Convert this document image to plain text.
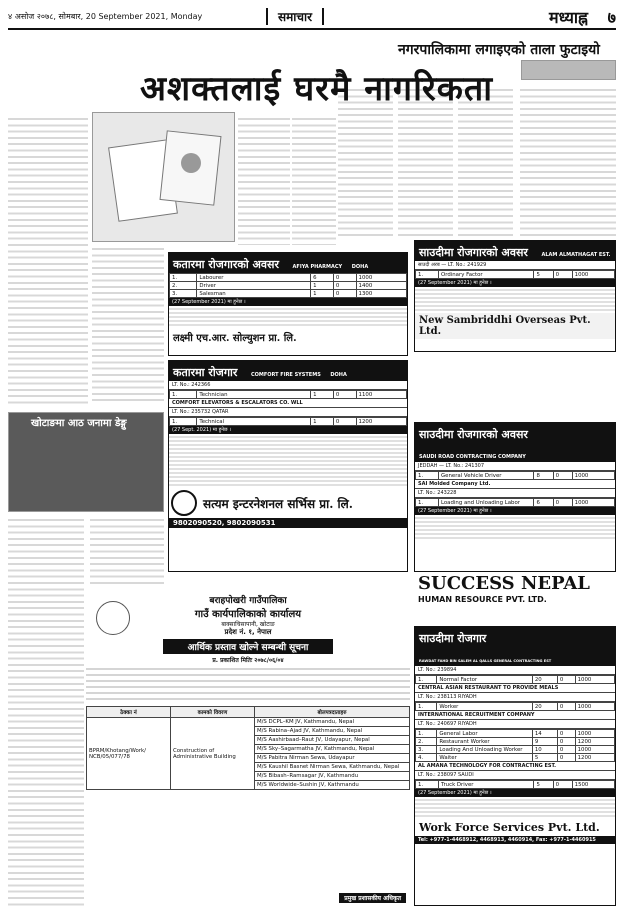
४ असोज २०७८, सोमबार, 20 September 2021, Monday	समाचार	मध्याह्न ७
नगरपालिकामा लगाइएको ताला फुटाइयो
अशक्तलाई घरमै नागरिकता
खोटाङमा आठ जनामा डेङ्गु
कतारमा रोजगारको अवसर	AFIYA PHARMACY DOHA
1.	Labourer	6	0	1000
2.	Driver	1	0	1400
3.	Salesman	1	0	1300
(27 September 2021) मा हुनेछ ।
लक्ष्मी एच.आर. सोल्युशन प्रा. लि.
कतारमा रोजगार	COMFORT FIRE SYSTEMS DOHA
LT. No.: 242366
1.	Technician	1	0	1100
COMFORT ELEVATORS & ESCALATORS CO. WLL
LT. No.: 235732 QATAR
1.	Technical	1	0	1200
(27 Sept. 2021) मा हुनेछ ।
सत्यम इन्टरनेशनल सर्भिस प्रा. लि.
9802090520, 9802090531
साउदीमा रोजगारको अवसर	ALAM ALMATHAGAT EST.
साउदी अरब — LT. No.: 241929
1.	Ordinary Factor	5	0	1000
(27 September 2021) मा हुनेछ ।
New Sambriddhi Overseas Pvt. Ltd.
साउदीमा रोजगारको अवसर SAUDI ROAD CONTRACTING COMPANY
JEDDAH — LT. No.: 241307
1.	General Vehicle Driver	8	0	1000
SAI Molded Company Ltd.
LT. No.: 243228
1.	Loading and Unloading Labor	6	0	1000
(27 September 2021) मा हुनेछ ।
SUCCESS NEPAL
HUMAN RESOURCE PVT. LTD.
साउदीमा रोजगार RAWDAT FAHD BIN SALEM AL QALLS GENERAL CONTRACTING EST
LT. No.: 239894
1.	Normal Factor	20	0	1000
CENTRAL ASIAN RESTAURANT TO PROVIDE MEALS
LT. No.: 238113 RIYADH
1.	Worker	20	0	1000
INTERNATIONAL RECRUITMENT COMPANY
LT. No.: 240697 RIYADH
1.	General Labor	14	0	1000
2.	Restaurant Worker	9	0	1200
3.	Loading And Unloading Worker	10	0	1000
4.	Waiter	5	0	1200
AL AMANA TECHNOLOGY FOR CONTRACTING EST.
LT. No.: 238097 SAUDI
1.	Truck Driver	5	0	1500
(27 September 2021) मा हुनेछ ।
Work Force Services Pvt. Ltd.
Tel: +977-1-4468912, 4468913, 4460914, Fax: +977-1-4460915
बराहपोखरी गाउँपालिका
गाउँ कार्यपालिकाको कार्यालय
बाक्साचिसापानी, खोटाङ
प्रदेश नं. १, नेपाल
आर्थिक प्रस्ताव खोल्ने सम्बन्धी सूचना
प्र. प्रकाशित मितिः २०७८/०६/०४
ठेक्का नं	कामको विवरण	बोलपत्रदाताहरु
BPRM/Khotang/Work/ NCB/05/077/78	Construction of Administrative Building	M/S DCPL–KM JV, Kathmandu, Nepal
		M/S Rabina–Ajad JV, Kathmandu, Nepal
		M/S Aashirbaad–Raut JV, Udayapur, Nepal
		M/S Sky–Sagarmatha JV, Kathmandu, Nepal
		M/S Pabitra Nirman Sewa, Udayapur
		M/S Kaushil Basnet Nirman Sewa, Kathmandu, Nepal
		M/S Bibash–Ramsagar JV, Kathmandu
		M/S Worldwide–Sushin JV, Kathmandu
प्रमुख प्रशासकीय अधिकृत
